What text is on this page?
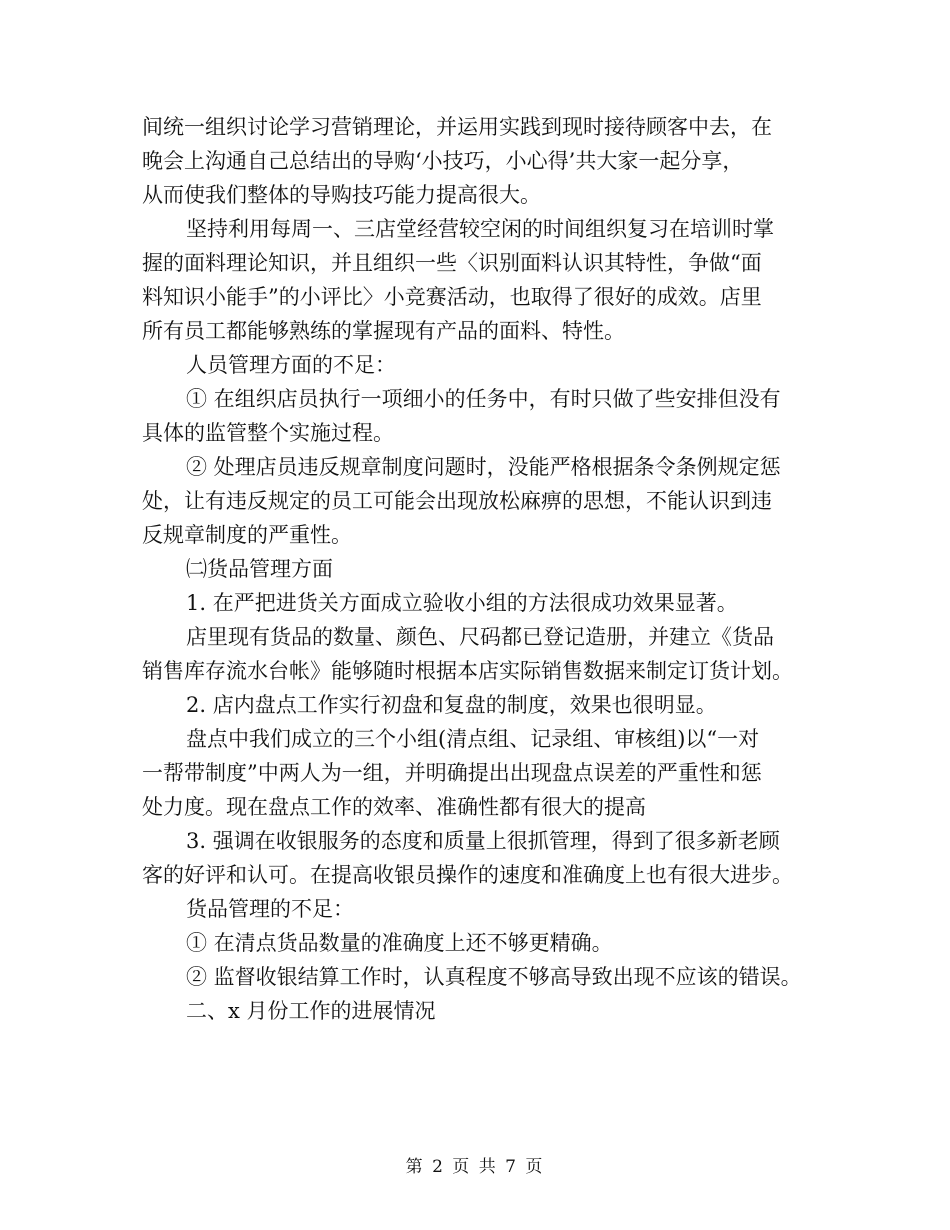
间统一组织讨论学习营销理论，并运用实践到现时接待顾客中去，在
晚会上沟通自己总结出的导购‘小技巧，小心得’共大家一起分享，
从而使我们整体的导购技巧能力提高很大。
坚持利用每周一、三店堂经营较空闲的时间组织复习在培训时掌
握的面料理论知识，并且组织一些〈识别面料认识其特性，争做“面
料知识小能手”的小评比〉小竞赛活动，也取得了很好的成效。店里
所有员工都能够熟练的掌握现有产品的面料、特性。
人员管理方面的不足：
① 在组织店员执行一项细小的任务中，有时只做了些安排但没有
具体的监管整个实施过程。
② 处理店员违反规章制度问题时，没能严格根据条令条例规定惩
处，让有违反规定的员工可能会出现放松麻痹的思想，不能认识到违
反规章制度的严重性。
㈡货品管理方面
1. 在严把进货关方面成立验收小组的方法很成功效果显著。
店里现有货品的数量、颜色、尺码都已登记造册，并建立《货品
销售库存流水台帐》能够随时根据本店实际销售数据来制定订货计划。
2. 店内盘点工作实行初盘和复盘的制度，效果也很明显。
盘点中我们成立的三个小组(清点组、记录组、审核组)以“一对
一帮带制度”中两人为一组，并明确提出出现盘点误差的严重性和惩
处力度。现在盘点工作的效率、准确性都有很大的提高
3. 强调在收银服务的态度和质量上很抓管理，得到了很多新老顾
客的好评和认可。在提高收银员操作的速度和准确度上也有很大进步。
货品管理的不足：
① 在清点货品数量的准确度上还不够更精确。
② 监督收银结算工作时，认真程度不够高导致出现不应该的错误。
二、x 月份工作的进展情况
第 2 页 共 7 页
